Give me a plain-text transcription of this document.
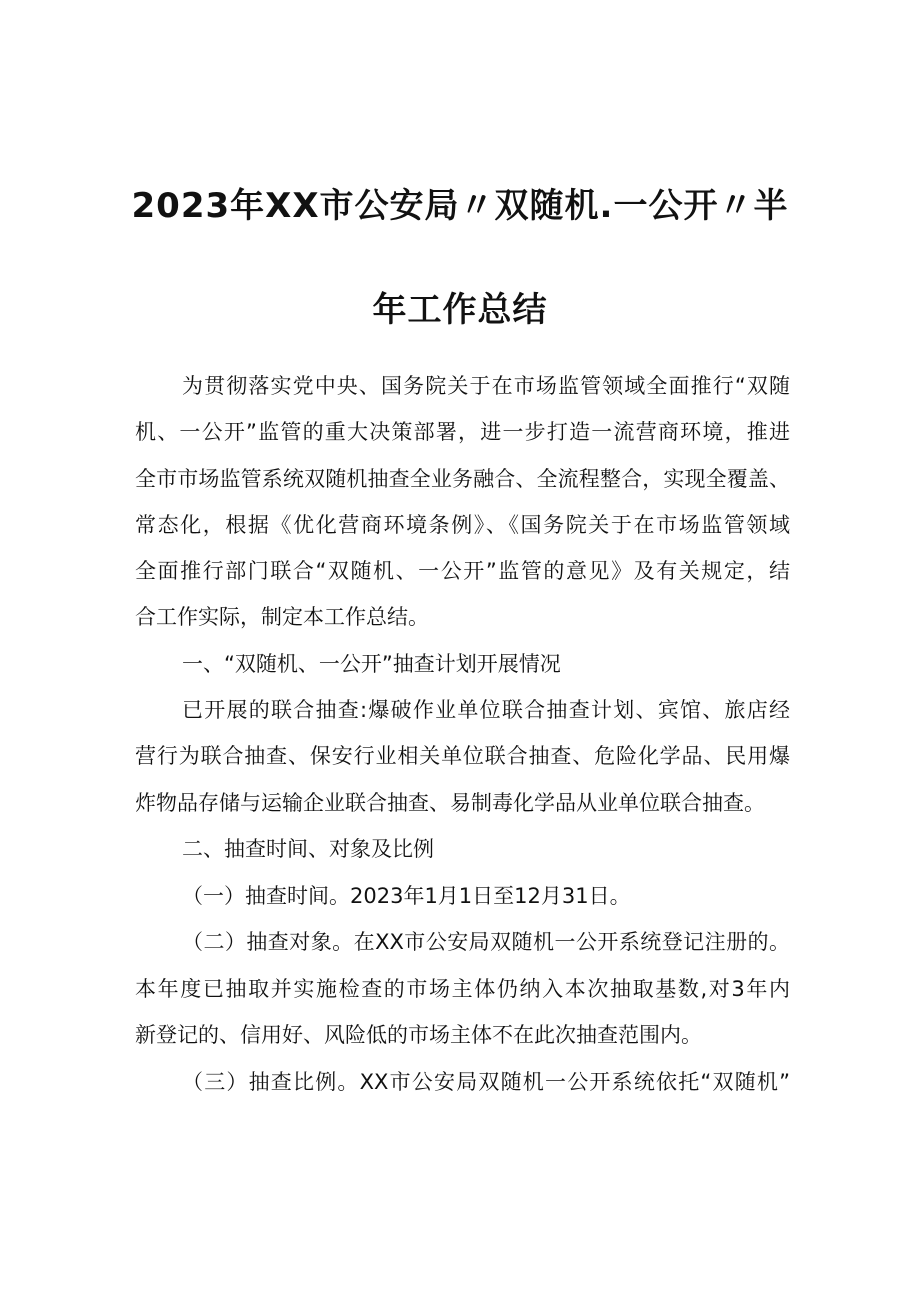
2023年XX市公安局〃双随机.一公开〃半
年工作总结
为贯彻落实党中央、国务院关于在市场监管领域全面推行“双随
机、一公开”监管的重大决策部署，进一步打造一流营商环境，推进
全市市场监管系统双随机抽查全业务融合、全流程整合，实现全覆盖、
常态化，根据《优化营商环境条例》、《国务院关于在市场监管领域
全面推行部门联合“双随机、一公开”监管的意见》及有关规定，结
合工作实际，制定本工作总结。
一、“双随机、一公开”抽查计划开展情况
已开展的联合抽查:爆破作业单位联合抽查计划、宾馆、旅店经
营行为联合抽查、保安行业相关单位联合抽查、危险化学品、民用爆
炸物品存储与运输企业联合抽查、易制毒化学品从业单位联合抽查。
二、抽查时间、对象及比例
（一）抽查时间。2023年1月1日至12月31日。
（二）抽查对象。在XX市公安局双随机一公开系统登记注册的。
本年度已抽取并实施检查的市场主体仍纳入本次抽取基数,对3年内
新登记的、信用好、风险低的市场主体不在此次抽查范围内。
（三）抽查比例。XX市公安局双随机一公开系统依托“双随机”
